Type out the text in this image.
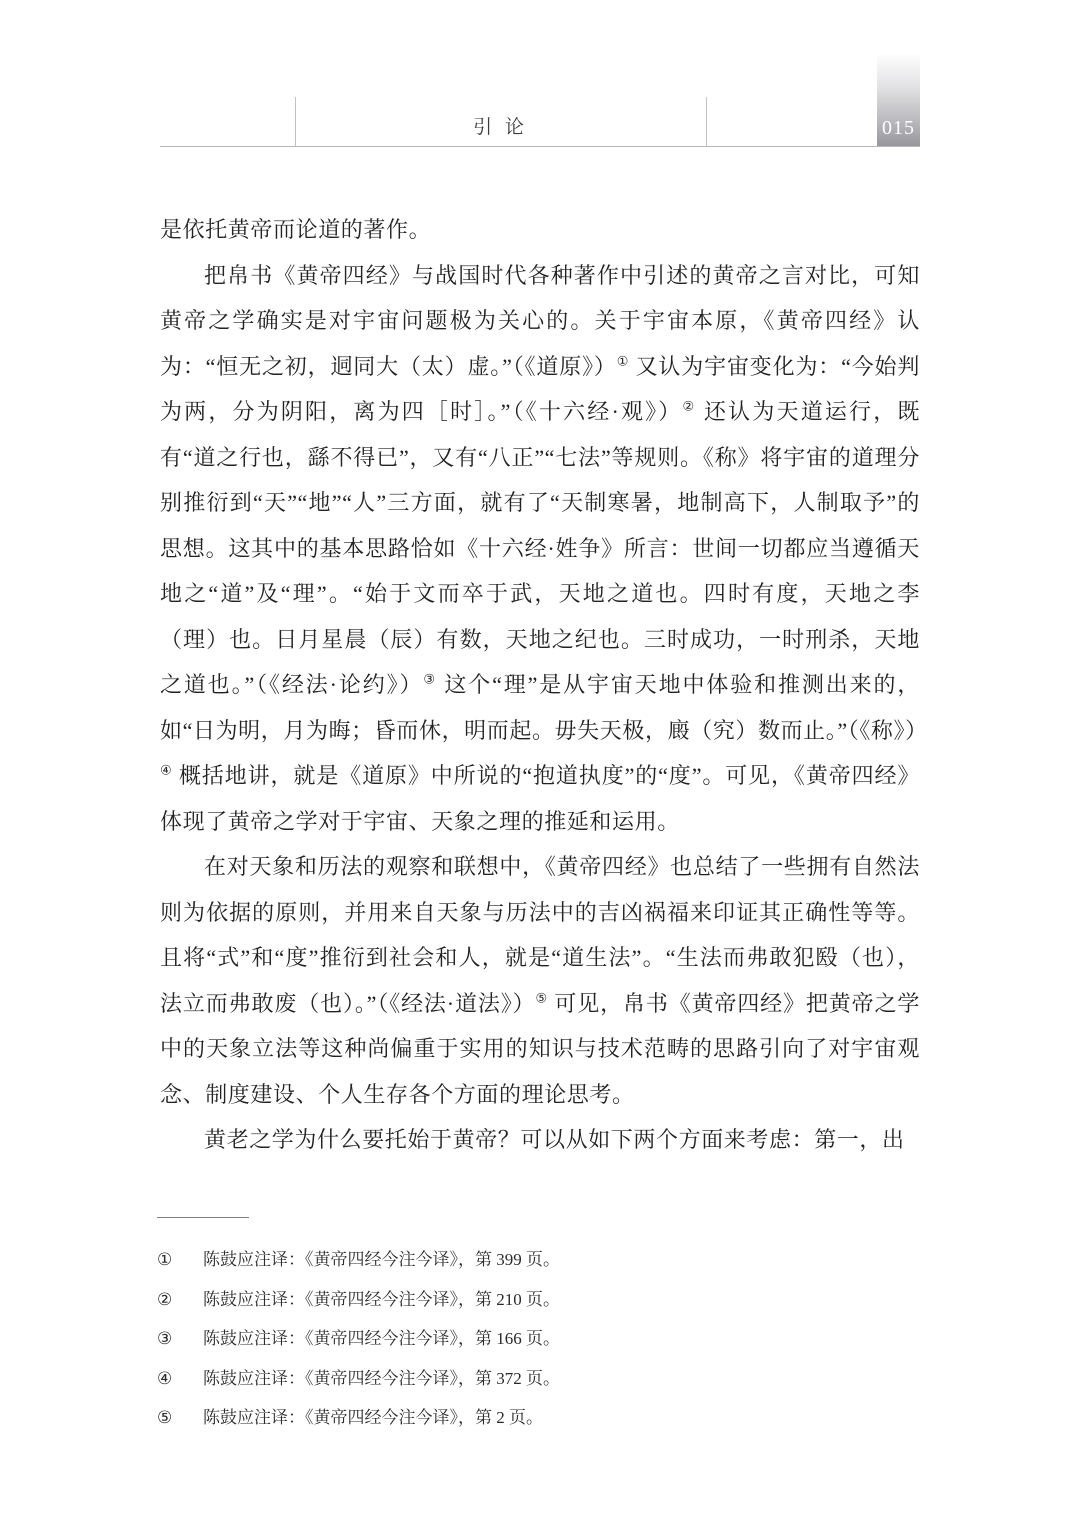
引 论	015

是依托黄帝而论道的著作。

把帛书《黄帝四经》与战国时代各种著作中引述的黄帝之言对比，可知黄帝之学确实是对宇宙问题极为关心的。关于宇宙本原，《黄帝四经》认为：“恒无之初，迵同大（太）虚。”（《道原》）① 又认为宇宙变化为：“今始判为两，分为阴阳，离为四［时］。”（《十六经·观》）② 还认为天道运行，既有“道之行也，繇不得已”，又有“八正”“七法”等规则。《称》将宇宙的道理分别推衍到“天”“地”“人”三方面，就有了“天制寒暑，地制高下，人制取予”的思想。这其中的基本思路恰如《十六经·姓争》所言：世间一切都应当遵循天地之“道”及“理”。“始于文而卒于武，天地之道也。四时有度，天地之李（理）也。日月星晨（辰）有数，天地之纪也。三时成功，一时刑杀，天地之道也。”（《经法·论约》）③ 这个“理”是从宇宙天地中体验和推测出来的，如“日为明，月为晦；昏而休，明而起。毋失天极，廄（究）数而止。”（《称》）④ 概括地讲，就是《道原》中所说的“抱道执度”的“度”。可见，《黄帝四经》体现了黄帝之学对于宇宙、天象之理的推延和运用。

在对天象和历法的观察和联想中，《黄帝四经》也总结了一些拥有自然法则为依据的原则，并用来自天象与历法中的吉凶祸福来印证其正确性等等。且将“式”和“度”推衍到社会和人，就是“道生法”。“生法而弗敢犯殹（也），法立而弗敢废（也）。”（《经法·道法》）⑤ 可见，帛书《黄帝四经》把黄帝之学中的天象立法等这种尚偏重于实用的知识与技术范畴的思路引向了对宇宙观念、制度建设、个人生存各个方面的理论思考。

黄老之学为什么要托始于黄帝？可以从如下两个方面来考虑：第一，出

①	陈鼓应注译：《黄帝四经今注今译》，第 399 页。
②	陈鼓应注译：《黄帝四经今注今译》，第 210 页。
③	陈鼓应注译：《黄帝四经今注今译》，第 166 页。
④	陈鼓应注译：《黄帝四经今注今译》，第 372 页。
⑤	陈鼓应注译：《黄帝四经今注今译》，第 2 页。
